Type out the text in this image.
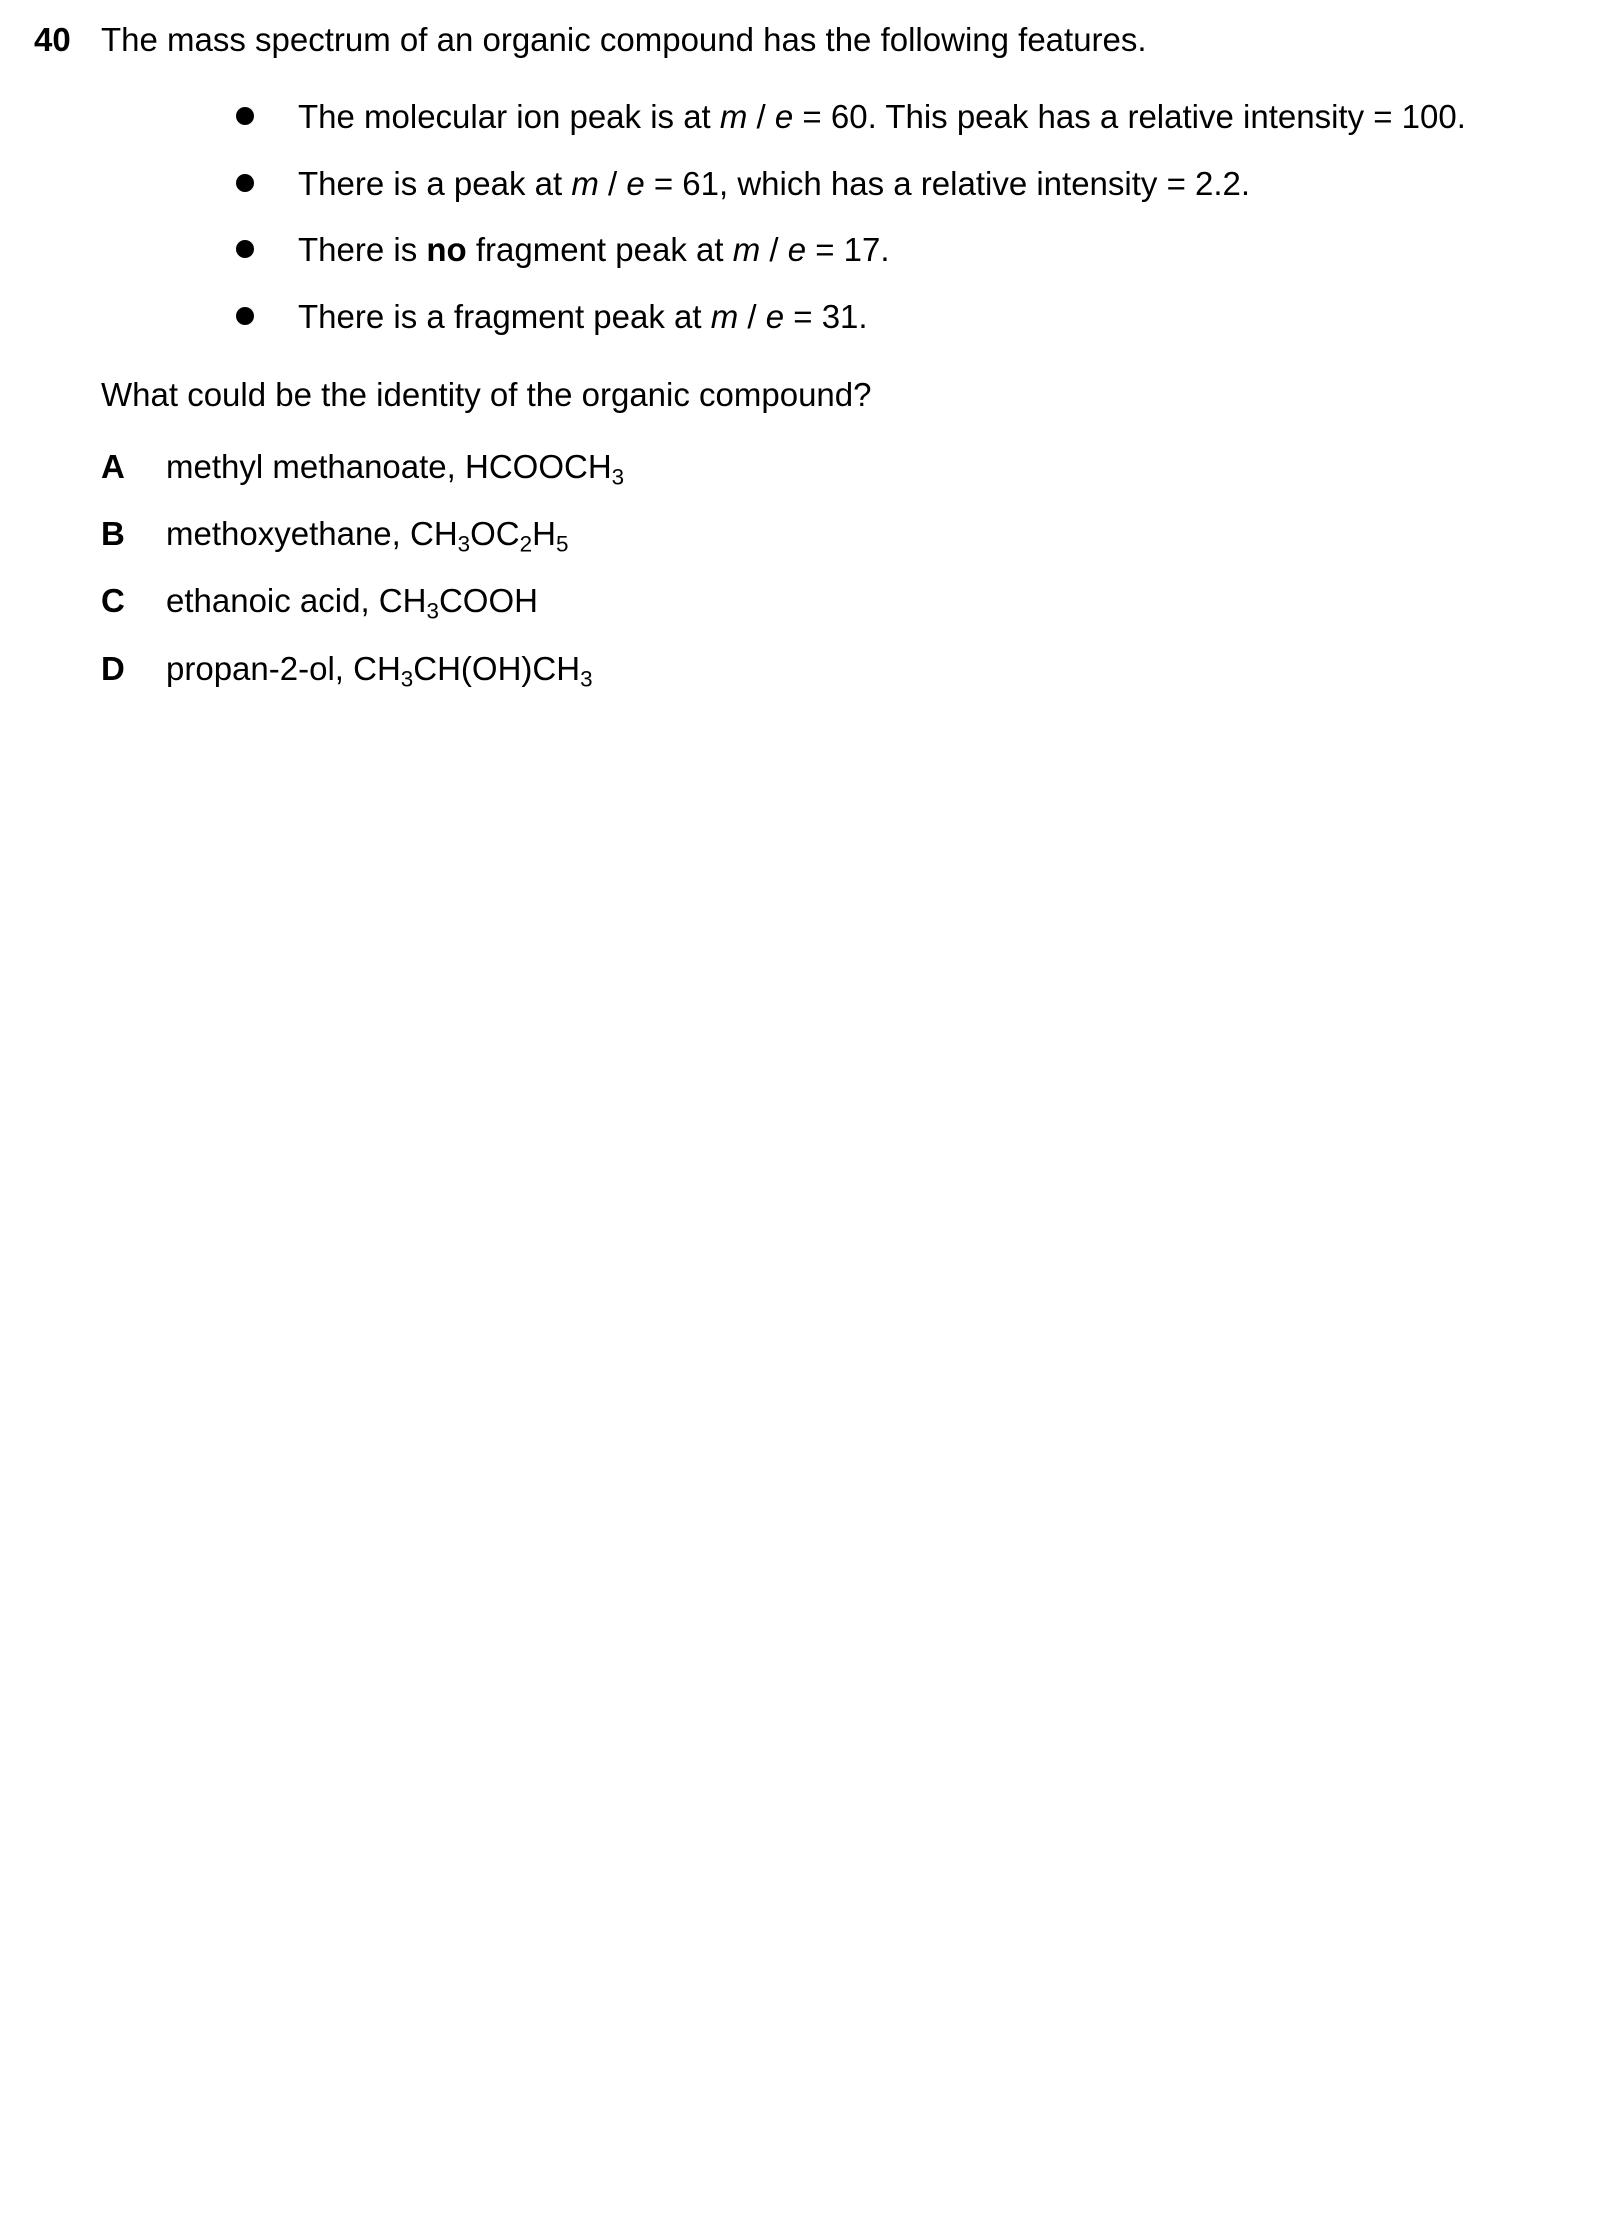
40 The mass spectrum of an organic compound has the following features.
The molecular ion peak is at m / e = 60. This peak has a relative intensity = 100.
There is a peak at m / e = 61, which has a relative intensity = 2.2.
There is no fragment peak at m / e = 17.
There is a fragment peak at m / e = 31.
What could be the identity of the organic compound?
A methyl methanoate, $HCOOCH_3$
B methoxyethane, $CH_3OC_2H_5$
C ethanoic acid, $CH_3COOH$
D propan-2-ol, $CH_3CH(OH)CH_3$
